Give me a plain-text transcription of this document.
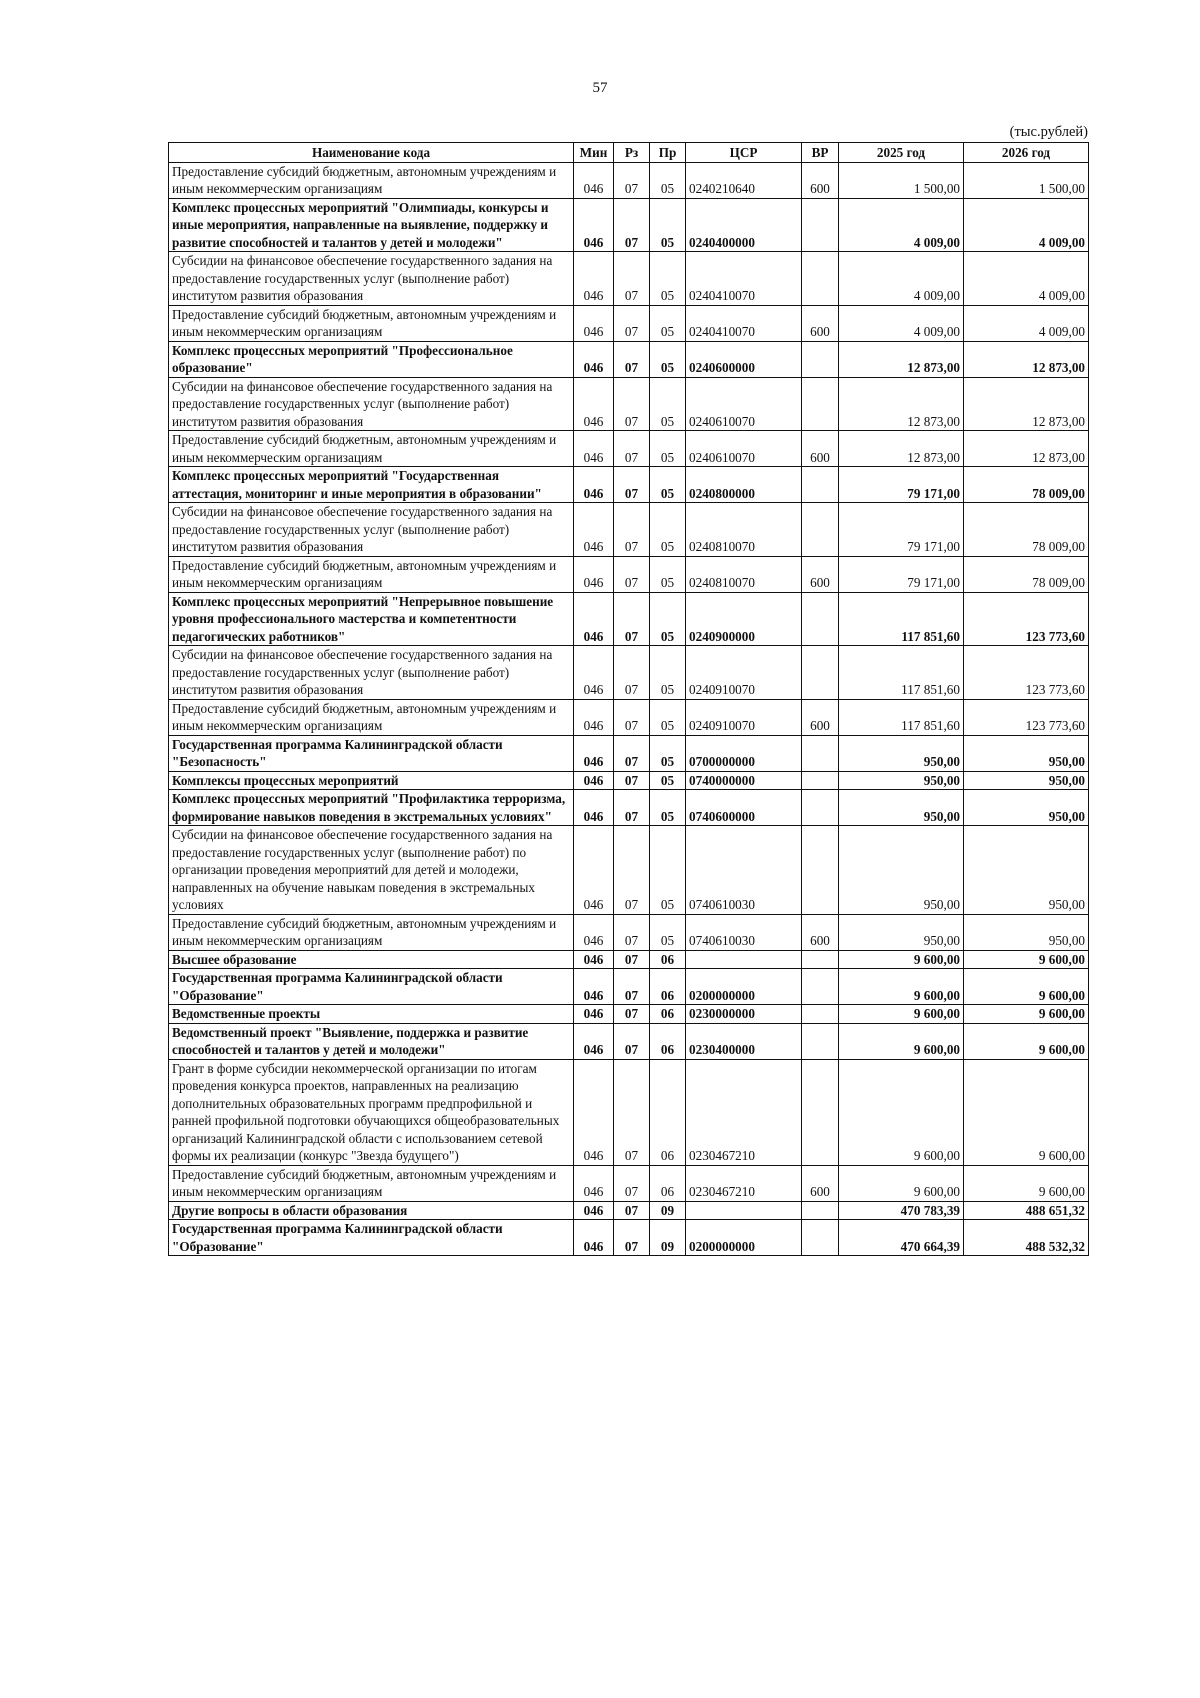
57
(тыс.рублей)
Наименование кода	Мин	Рз	Пр	ЦСР	ВР	2025 год	2026 год
Предоставление субсидий бюджетным, автономным учреждениям и иным некоммерческим организациям	046	07	05	0240210640	600	1 500,00	1 500,00
Комплекс процессных мероприятий "Олимпиады, конкурсы и иные мероприятия, направленные на выявление, поддержку и развитие способностей и талантов у детей и молодежи"	046	07	05	0240400000		4 009,00	4 009,00
Субсидии на финансовое обеспечение государственного задания на предоставление государственных услуг (выполнение работ) институтом развития образования	046	07	05	0240410070		4 009,00	4 009,00
Предоставление субсидий бюджетным, автономным учреждениям и иным некоммерческим организациям	046	07	05	0240410070	600	4 009,00	4 009,00
Комплекс процессных мероприятий "Профессиональное образование"	046	07	05	0240600000		12 873,00	12 873,00
Субсидии на финансовое обеспечение государственного задания на предоставление государственных услуг (выполнение работ) институтом развития образования	046	07	05	0240610070		12 873,00	12 873,00
Предоставление субсидий бюджетным, автономным учреждениям и иным некоммерческим организациям	046	07	05	0240610070	600	12 873,00	12 873,00
Комплекс процессных мероприятий "Государственная аттестация, мониторинг и иные мероприятия в образовании"	046	07	05	0240800000		79 171,00	78 009,00
Субсидии на финансовое обеспечение государственного задания на предоставление государственных услуг (выполнение работ) институтом развития образования	046	07	05	0240810070		79 171,00	78 009,00
Предоставление субсидий бюджетным, автономным учреждениям и иным некоммерческим организациям	046	07	05	0240810070	600	79 171,00	78 009,00
Комплекс процессных мероприятий "Непрерывное повышение уровня профессионального мастерства и компетентности педагогических работников"	046	07	05	0240900000		117 851,60	123 773,60
Субсидии на финансовое обеспечение государственного задания на предоставление государственных услуг (выполнение работ) институтом развития образования	046	07	05	0240910070		117 851,60	123 773,60
Предоставление субсидий бюджетным, автономным учреждениям и иным некоммерческим организациям	046	07	05	0240910070	600	117 851,60	123 773,60
Государственная программа Калининградской области "Безопасность"	046	07	05	0700000000		950,00	950,00
Комплексы процессных мероприятий	046	07	05	0740000000		950,00	950,00
Комплекс процессных мероприятий "Профилактика терроризма, формирование навыков поведения в экстремальных условиях"	046	07	05	0740600000		950,00	950,00
Субсидии на финансовое обеспечение государственного задания на предоставление государственных услуг (выполнение работ) по организации проведения мероприятий для детей и молодежи, направленных на обучение навыкам поведения в экстремальных условиях	046	07	05	0740610030		950,00	950,00
Предоставление субсидий бюджетным, автономным учреждениям и иным некоммерческим организациям	046	07	05	0740610030	600	950,00	950,00
Высшее образование	046	07	06			9 600,00	9 600,00
Государственная программа Калининградской области "Образование"	046	07	06	0200000000		9 600,00	9 600,00
Ведомственные проекты	046	07	06	0230000000		9 600,00	9 600,00
Ведомственный проект "Выявление, поддержка и развитие способностей и талантов у детей и молодежи"	046	07	06	0230400000		9 600,00	9 600,00
Грант в форме субсидии некоммерческой организации по итогам проведения конкурса проектов, направленных на реализацию дополнительных образовательных программ предпрофильной и ранней профильной подготовки обучающихся общеобразовательных организаций Калининградской области с использованием сетевой формы их реализации (конкурс "Звезда будущего")	046	07	06	0230467210		9 600,00	9 600,00
Предоставление субсидий бюджетным, автономным учреждениям и иным некоммерческим организациям	046	07	06	0230467210	600	9 600,00	9 600,00
Другие вопросы в области образования	046	07	09			470 783,39	488 651,32
Государственная программа Калининградской области "Образование"	046	07	09	0200000000		470 664,39	488 532,32
